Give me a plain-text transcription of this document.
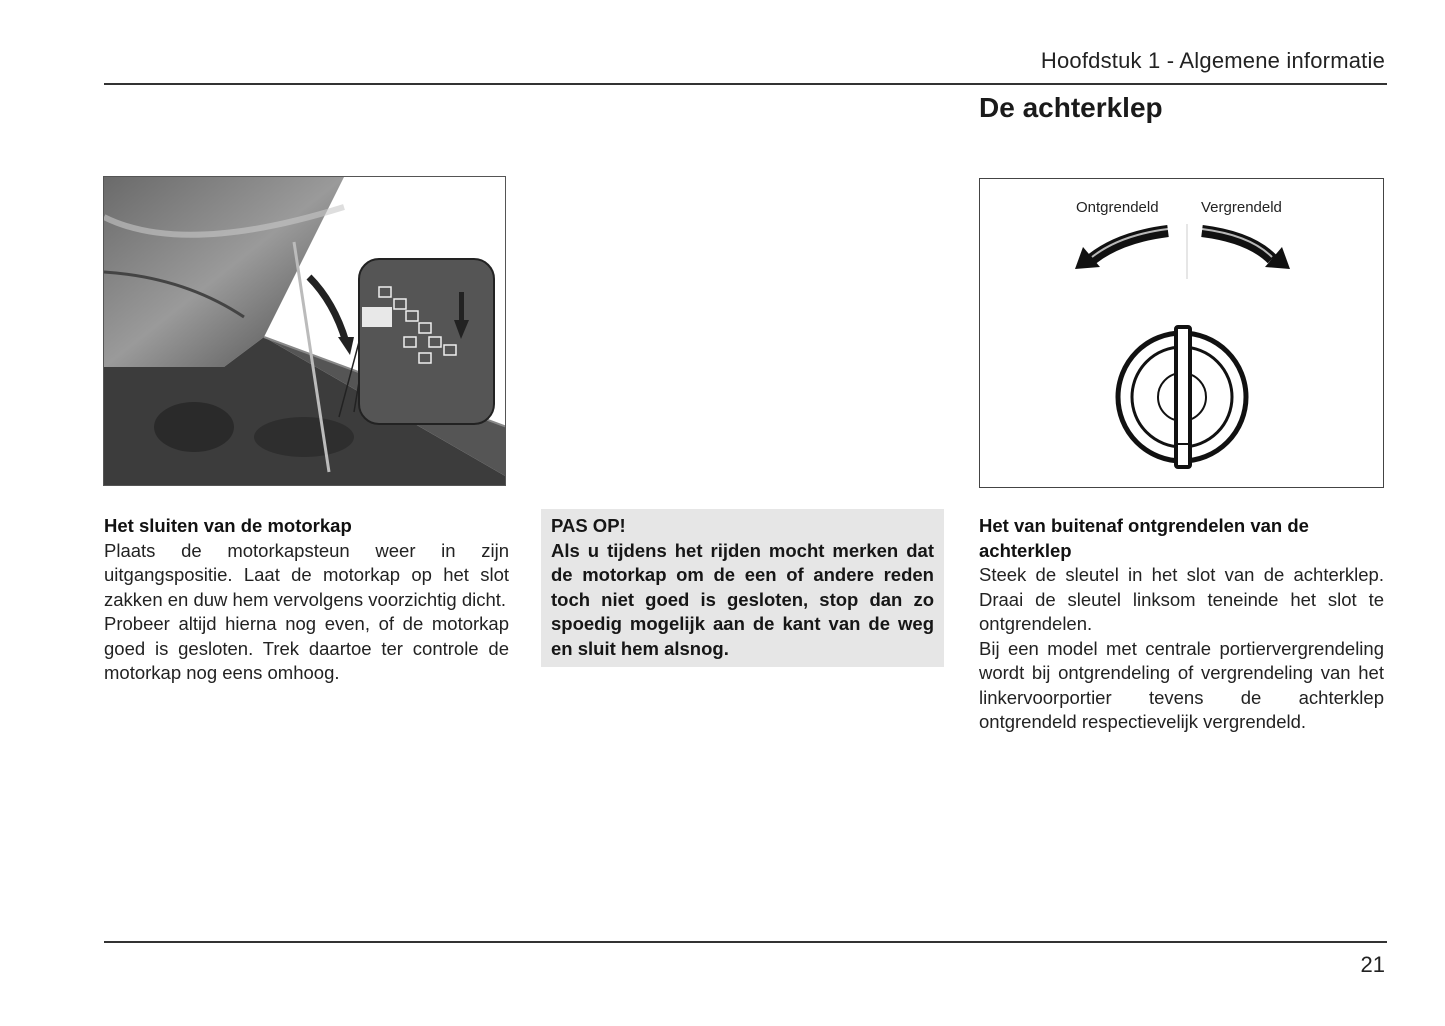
Hoofdstuk 1 - Algemene informatie
De achterklep
Ontgrendeld	Vergrendeld
Het sluiten van de motorkap

Plaats de motorkapsteun weer in zijn uitgangspositie. Laat de motorkap op het slot zakken en duw hem vervolgens voorzichtig dicht.

Probeer altijd hierna nog even, of de motorkap goed is gesloten. Trek daartoe ter controle de motorkap nog eens omhoog.

PAS OP!
Als u tijdens het rijden mocht merken dat de motorkap om de een of andere reden toch niet goed is gesloten, stop dan zo spoedig mogelijk aan de kant van de weg en sluit hem alsnog.
Het van buitenaf ontgrendelen van de achterklep

Steek de sleutel in het slot van de achterklep. Draai de sleutel linksom teneinde het slot te ontgrendelen.

Bij een model met centrale portiervergrendeling wordt bij ontgrendeling of vergrendeling van het linkervoorportier tevens de achterklep ontgrendeld respectievelijk vergrendeld.

21
